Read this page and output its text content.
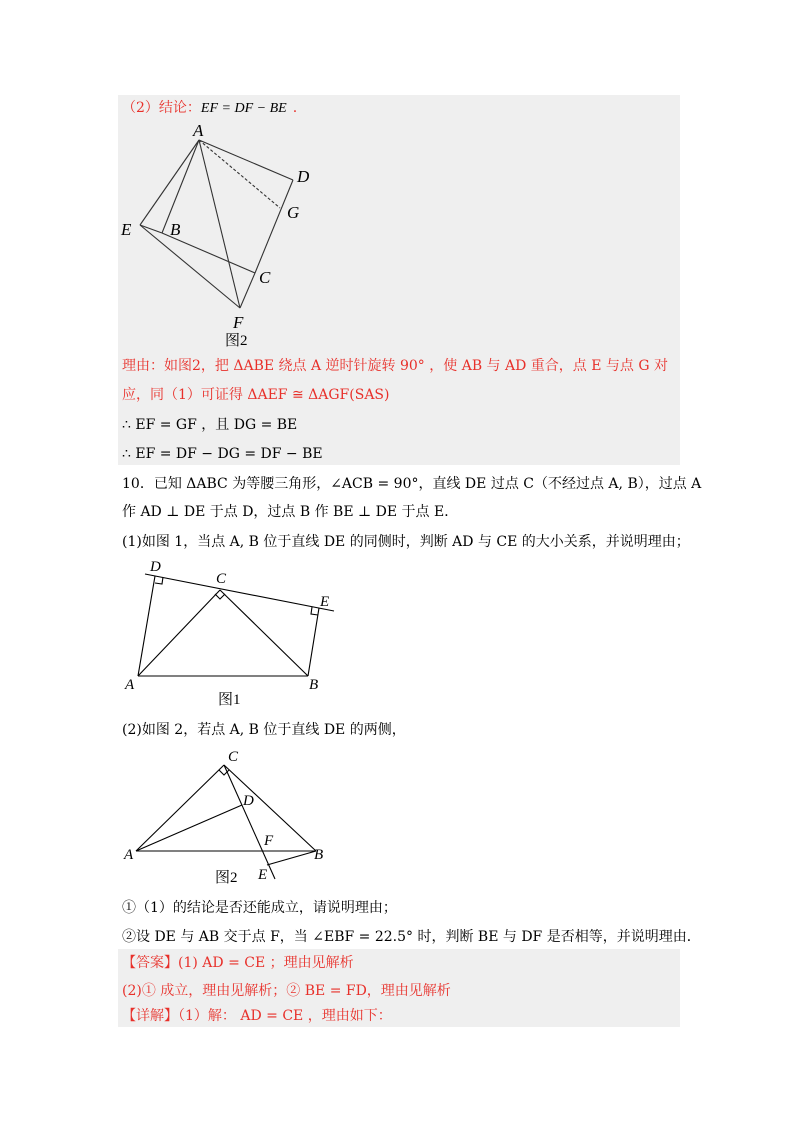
（2）结论：EF = DF − BE .
A
D
G
E B
C
F
图2
理由：如图2，把 ΔABE 绕点 A 逆时针旋转 90° ，使 AB 与 AD 重合，点 E 与点 G 对
应，同（1）可证得 ΔAEF ≅ ΔAGF(SAS)
∴ EF = GF ，且 DG = BE
∴ EF = DF − DG = DF − BE
10．已知 ΔABC 为等腰三角形，∠ACB = 90°，直线 DE 过点 C（不经过点 A, B），过点 A
作 AD ⊥ DE 于点 D，过点 B 作 BE ⊥ DE 于点 E．
(1)如图 1，当点 A, B 位于直线 DE 的同侧时，判断 AD 与 CE 的大小关系，并说明理由；
D
C
E
A	B
图1
(2)如图 2，若点 A, B 位于直线 DE 的两侧，
C
D
F
A	B
E
图2
①（1）的结论是否还能成立，请说明理由；
②设 DE 与 AB 交于点 F，当 ∠EBF = 22.5° 时，判断 BE 与 DF 是否相等，并说明理由．
【答案】(1) AD = CE ；理由见解析
(2)① 成立，理由见解析；② BE = FD，理由见解析
【详解】（1）解： AD = CE ，理由如下：
